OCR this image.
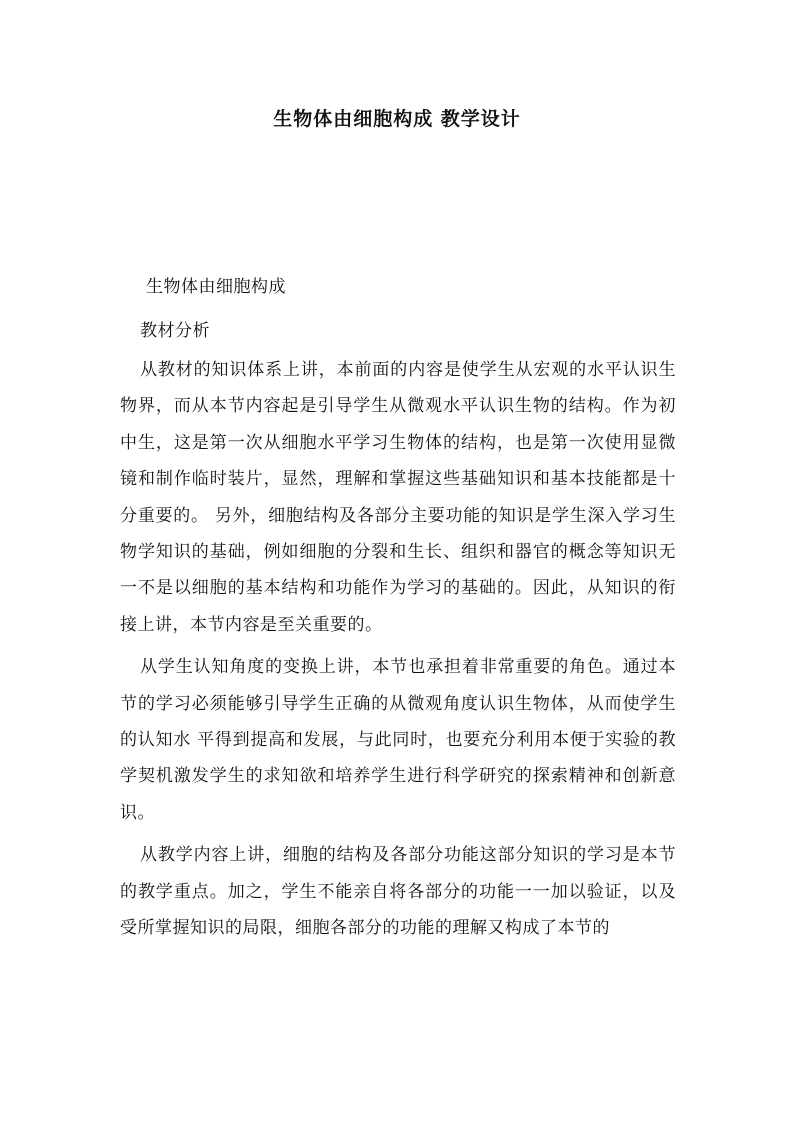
生物体由细胞构成 教学设计
生物体由细胞构成
教材分析

从教材的知识体系上讲，本前面的内容是使学生从宏观的水平认识生物界，而从本节内容起是引导学生从微观水平认识生物的结构。作为初中生，这是第一次从细胞水平学习生物体的结构，也是第一次使用显微镜和制作临时装片，显然，理解和掌握这些基础知识和基本技能都是十分重要的。 另外，细胞结构及各部分主要功能的知识是学生深入学习生物学知识的基础，例如细胞的分裂和生长、组织和器官的概念等知识无一不是以细胞的基本结构和功能作为学习的基础的。因此，从知识的衔接上讲，本节内容是至关重要的。

从学生认知角度的变换上讲，本节也承担着非常重要的角色。通过本节的学习必须能够引导学生正确的从微观角度认识生物体，从而使学生的认知水 平得到提高和发展，与此同时，也要充分利用本便于实验的教学契机激发学生的求知欲和培养学生进行科学研究的探索精神和创新意识。

从教学内容上讲，细胞的结构及各部分功能这部分知识的学习是本节的教学重点。加之，学生不能亲自将各部分的功能一一加以验证，以及受所掌握知识的局限，细胞各部分的功能的理解又构成了本节的
